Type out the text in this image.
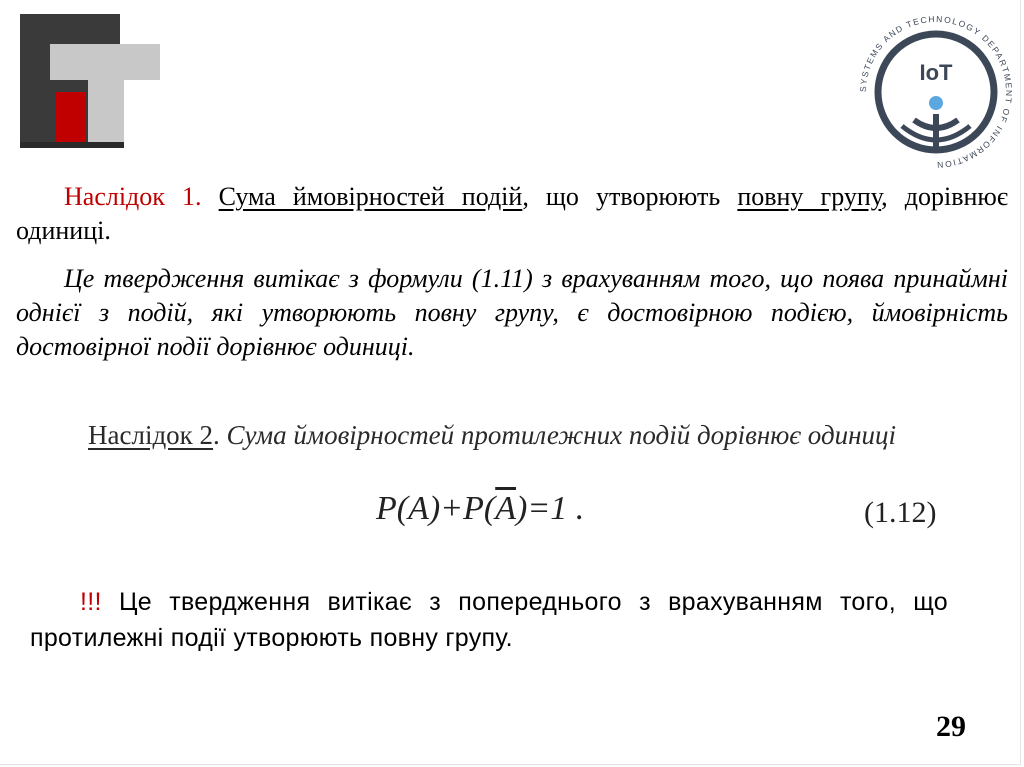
SYSTEMS AND TECHNOLOGY DEPARTMENT OF INFORMATION
IoT
Наслідок 1. Сума ймовірностей подій, що утворюють повну групу, дорівнює одиниці.
Це твердження витікає з формули (1.11) з врахуванням того, що поява принаймні однієї з подій, які утворюють повну групу, є достовірною подією, ймовірність достовірної події дорівнює одиниці.
Наслідок 2. Сума ймовірностей протилежних подій дорівнює одиниці
$P(A)+P(\overline{A})=1$ .	(1.12)
!!! Це твердження витікає з попереднього з врахуванням того, що протилежні події утворюють повну групу.
29
